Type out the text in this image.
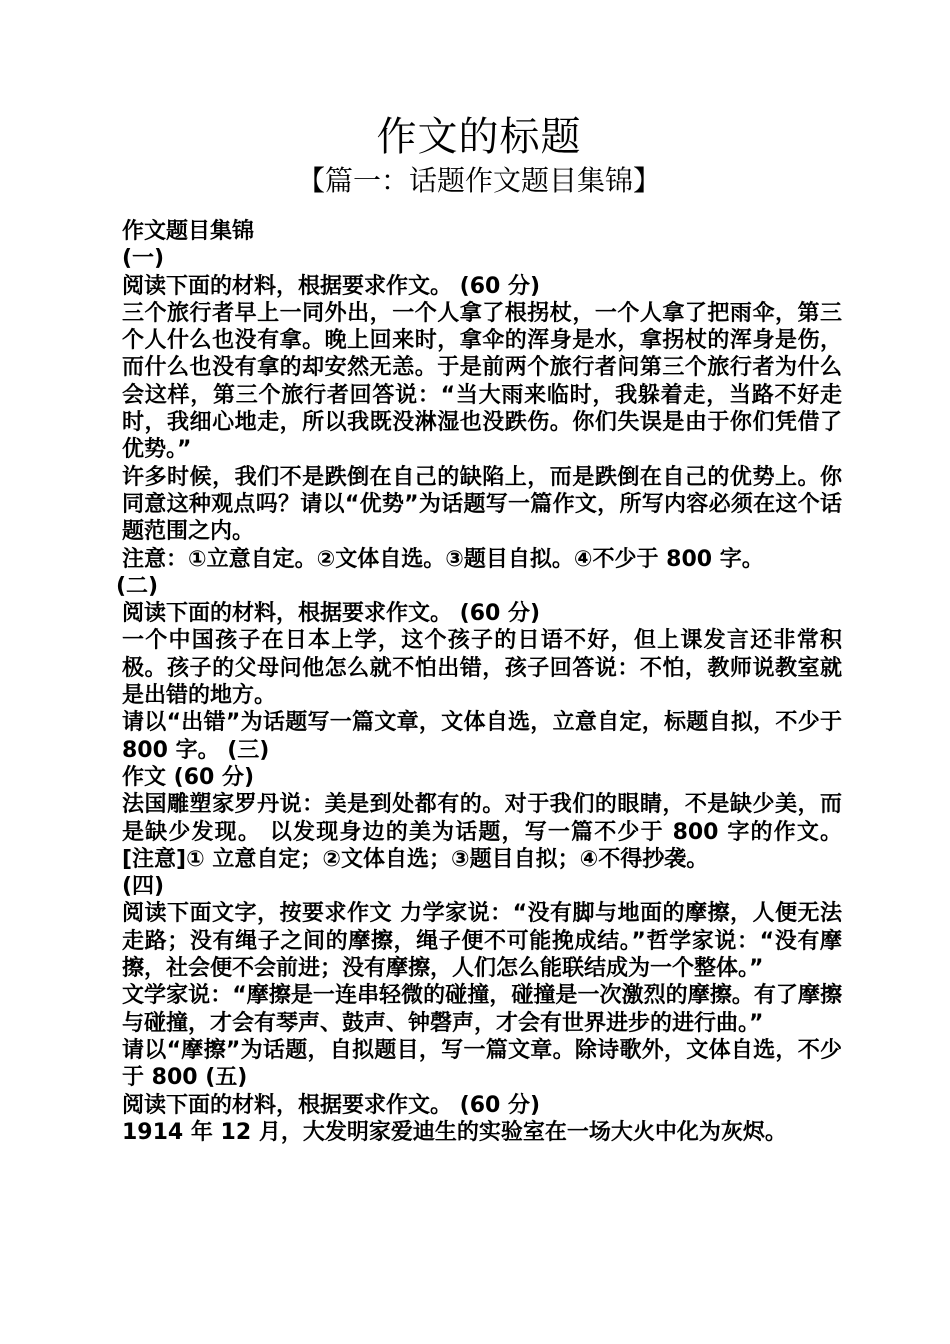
作文的标题
【篇一：话题作文题目集锦】
作文题目集锦
(一)
阅读下面的材料，根据要求作文。 (60 分)
三个旅行者早上一同外出，一个人拿了根拐杖，一个人拿了把雨伞，第三个人什么也没有拿。晚上回来时，拿伞的浑身是水，拿拐杖的浑身是伤，而什么也没有拿的却安然无恙。于是前两个旅行者问第三个旅行者为什么会这样，第三个旅行者回答说：“当大雨来临时，我躲着走，当路不好走时，我细心地走，所以我既没淋湿也没跌伤。你们失误是由于你们凭借了优势。”
许多时候，我们不是跌倒在自己的缺陷上，而是跌倒在自己的优势上。你同意这种观点吗？请以“优势”为话题写一篇作文，所写内容必须在这个话题范围之内。
注意：①立意自定。②文体自选。③题目自拟。④不少于 800 字。
(二)
阅读下面的材料，根据要求作文。 (60 分)
一个中国孩子在日本上学，这个孩子的日语不好，但上课发言还非常积极。孩子的父母问他怎么就不怕出错，孩子回答说：不怕，教师说教室就是出错的地方。
请以“出错”为话题写一篇文章，文体自选，立意自定，标题自拟，不少于 800 字。 (三)
作文 (60 分)
法国雕塑家罗丹说：美是到处都有的。对于我们的眼睛，不是缺少美，而是缺少发现。 以发现身边的美为话题，写一篇不少于 800 字的作文。 [注意]① 立意自定；②文体自选；③题目自拟；④不得抄袭。
(四)
阅读下面文字，按要求作文 力学家说：“没有脚与地面的摩擦，人便无法走路；没有绳子之间的摩擦，绳子便不可能挽成结。”哲学家说：“没有摩擦，社会便不会前进；没有摩擦，人们怎么能联结成为一个整体。”
文学家说：“摩擦是一连串轻微的碰撞，碰撞是一次激烈的摩擦。有了摩擦与碰撞，才会有琴声、鼓声、钟磬声，才会有世界进步的进行曲。”
请以“摩擦”为话题，自拟题目，写一篇文章。除诗歌外，文体自选，不少于 800 (五)
阅读下面的材料，根据要求作文。 (60 分)
1914 年 12 月，大发明家爱迪生的实验室在一场大火中化为灰烬。
